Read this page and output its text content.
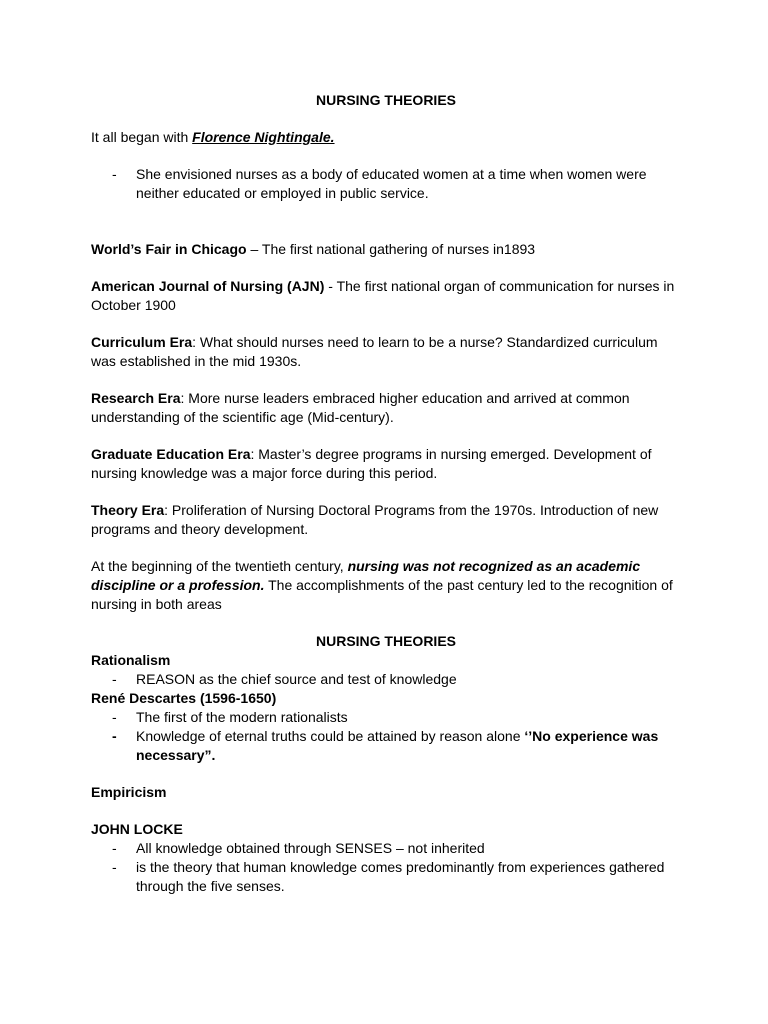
NURSING THEORIES

It all began with Florence Nightingale.

- She envisioned nurses as a body of educated women at a time when women were neither educated or employed in public service.

World’s Fair in Chicago – The first national gathering of nurses in1893

American Journal of Nursing (AJN) - The first national organ of communication for nurses in October 1900

Curriculum Era: What should nurses need to learn to be a nurse? Standardized curriculum was established in the mid 1930s.

Research Era: More nurse leaders embraced higher education and arrived at common understanding of the scientific age (Mid-century).

Graduate Education Era: Master’s degree programs in nursing emerged. Development of nursing knowledge was a major force during this period.

Theory Era: Proliferation of Nursing Doctoral Programs from the 1970s. Introduction of new programs and theory development.

At the beginning of the twentieth century, nursing was not recognized as an academic discipline or a profession. The accomplishments of the past century led to the recognition of nursing in both areas

NURSING THEORIES

Rationalism

- REASON as the chief source and test of knowledge

René Descartes (1596-1650)

- The first of the modern rationalists

- Knowledge of eternal truths could be attained by reason alone ‘’No experience was necessary”.

Empiricism

JOHN LOCKE

- All knowledge obtained through SENSES – not inherited

- is the theory that human knowledge comes predominantly from experiences gathered through the five senses.
